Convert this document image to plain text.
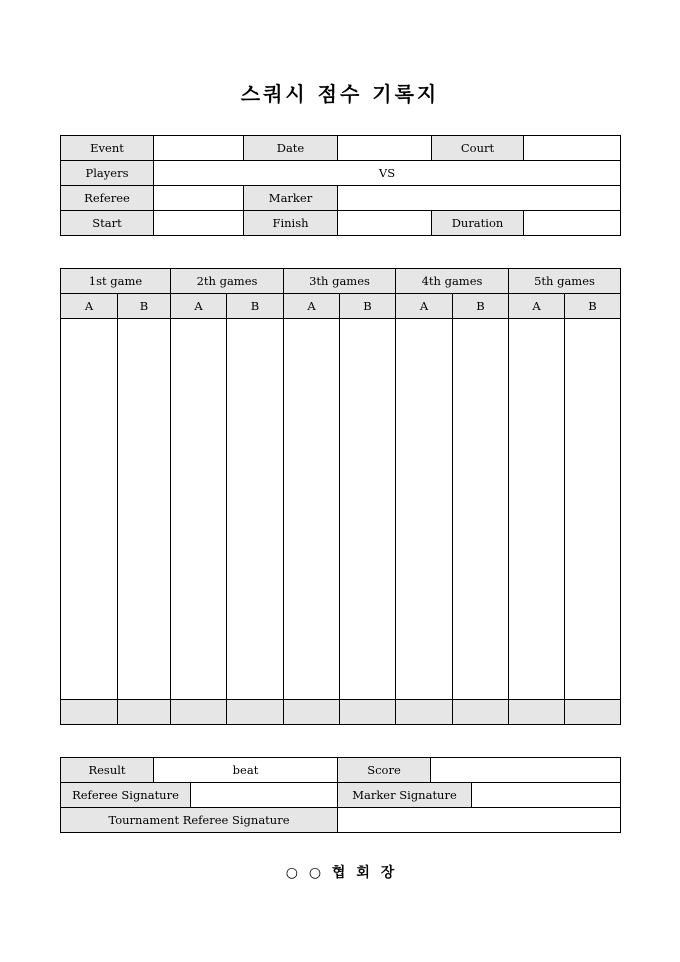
스쿼시 점수 기록지
Event		Date		Court	
Players	VS				
Referee		Marker			
Start		Finish		Duration	
1st game		2th games		3th games		4th games		5th games	
A	B	A	B	A	B	A	B	A	B

Result	beat		Score		
Referee Signature			Marker Signature		
Tournament Referee Signature					
○ ○ 협 회 장
